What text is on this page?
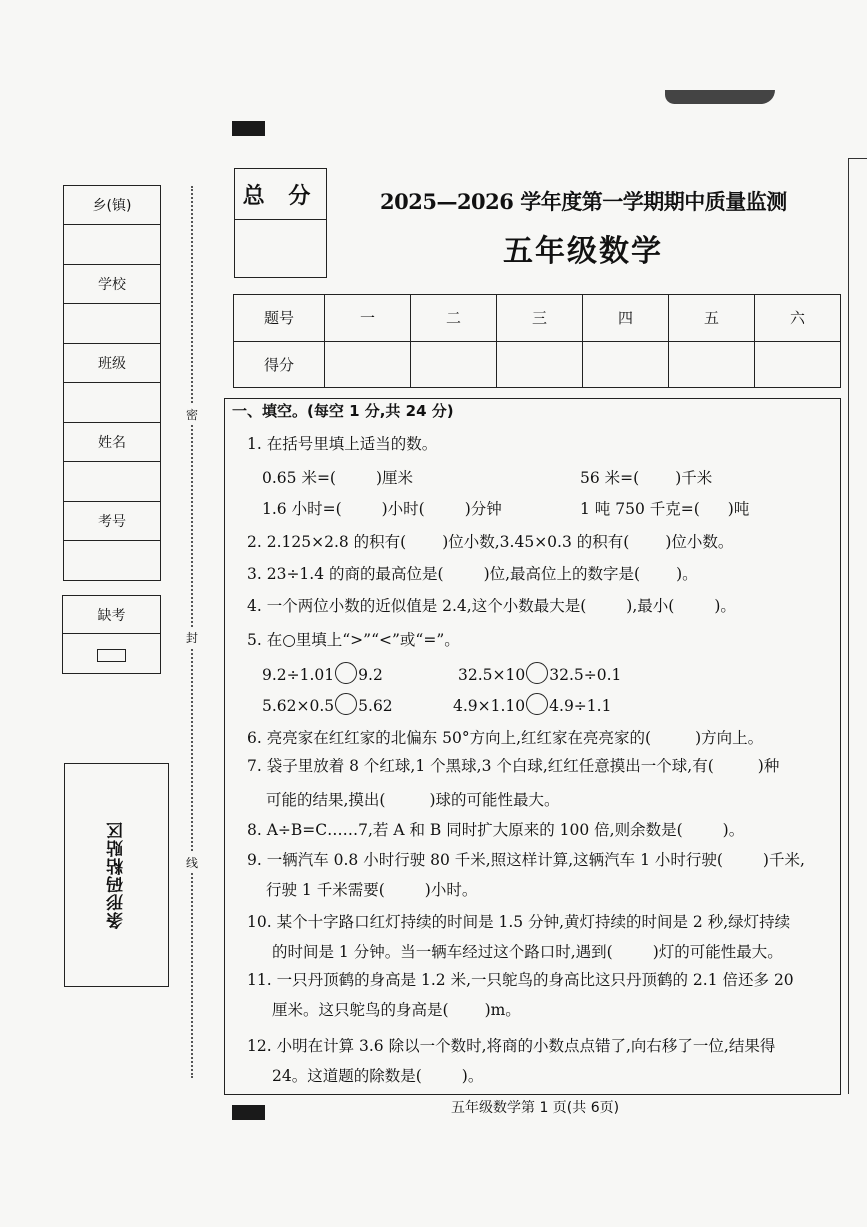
乡(镇)
学校
班级
姓名
考号
缺考
条形码粘贴区
密
封
线
总 分	2025—2026 学年度第一学期期中质量监测
五年级数学
题号	一	二	三	四	五	六
得分						
一、填空。(每空 1 分,共 24 分)
1. 在括号里填上适当的数。
0.65 米=(	)厘米	56 米=( )千米
1.6 小时=(	)小时(	)分钟	1 吨 750 千克=( )吨
2. 2.125×2.8 的积有( )位小数,3.45×0.3 的积有( )位小数。
3. 23÷1.4 的商的最高位是(	)位,最高位上的数字是( )。
4. 一个两位小数的近似值是 2.4,这个小数最大是(	),最小(	)。
5. 在○里填上“>”“<”或“=”。
9.2÷1.01 9.2	32.5×10 32.5÷0.1
5.62×0.5 5.62	4.9×1.10 4.9÷1.1
6. 亮亮家在红红家的北偏东 50°方向上,红红家在亮亮家的(	)方向上。
7. 袋子里放着 8 个红球,1 个黑球,3 个白球,红红任意摸出一个球,有(	)种
可能的结果,摸出(	)球的可能性最大。
8. A÷B=C……7,若 A 和 B 同时扩大原来的 100 倍,则余数是(	)。
9. 一辆汽车 0.8 小时行驶 80 千米,照这样计算,这辆汽车 1 小时行驶(	)千米,
行驶 1 千米需要(	)小时。
10. 某个十字路口红灯持续的时间是 1.5 分钟,黄灯持续的时间是 2 秒,绿灯持续
的时间是 1 分钟。当一辆车经过这个路口时,遇到(	)灯的可能性最大。
11. 一只丹顶鹤的身高是 1.2 米,一只鸵鸟的身高比这只丹顶鹤的 2.1 倍还多 20
厘米。这只鸵鸟的身高是( )m。
12. 小明在计算 3.6 除以一个数时,将商的小数点点错了,向右移了一位,结果得
24。这道题的除数是(	)。
五年级数学第 1 页(共 6页)
